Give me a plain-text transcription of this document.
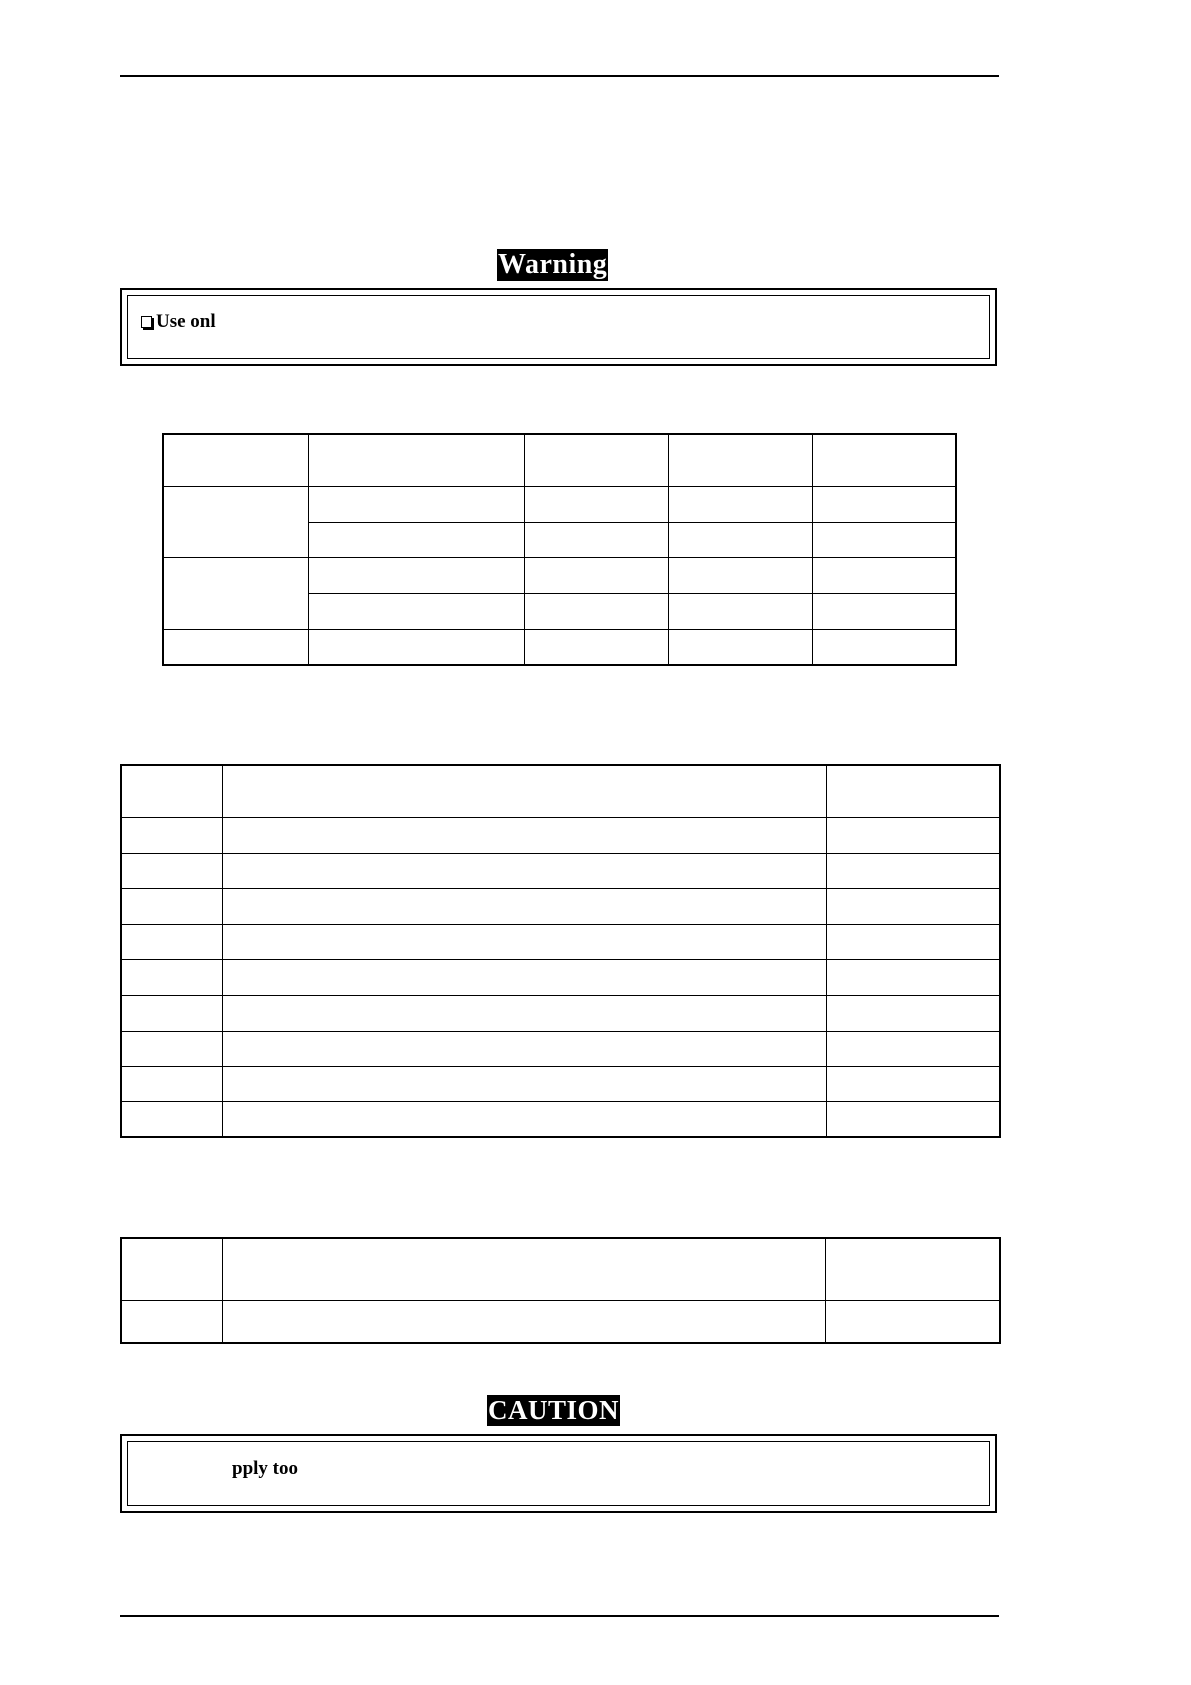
Warning
Use onl

CAUTION
pply too
